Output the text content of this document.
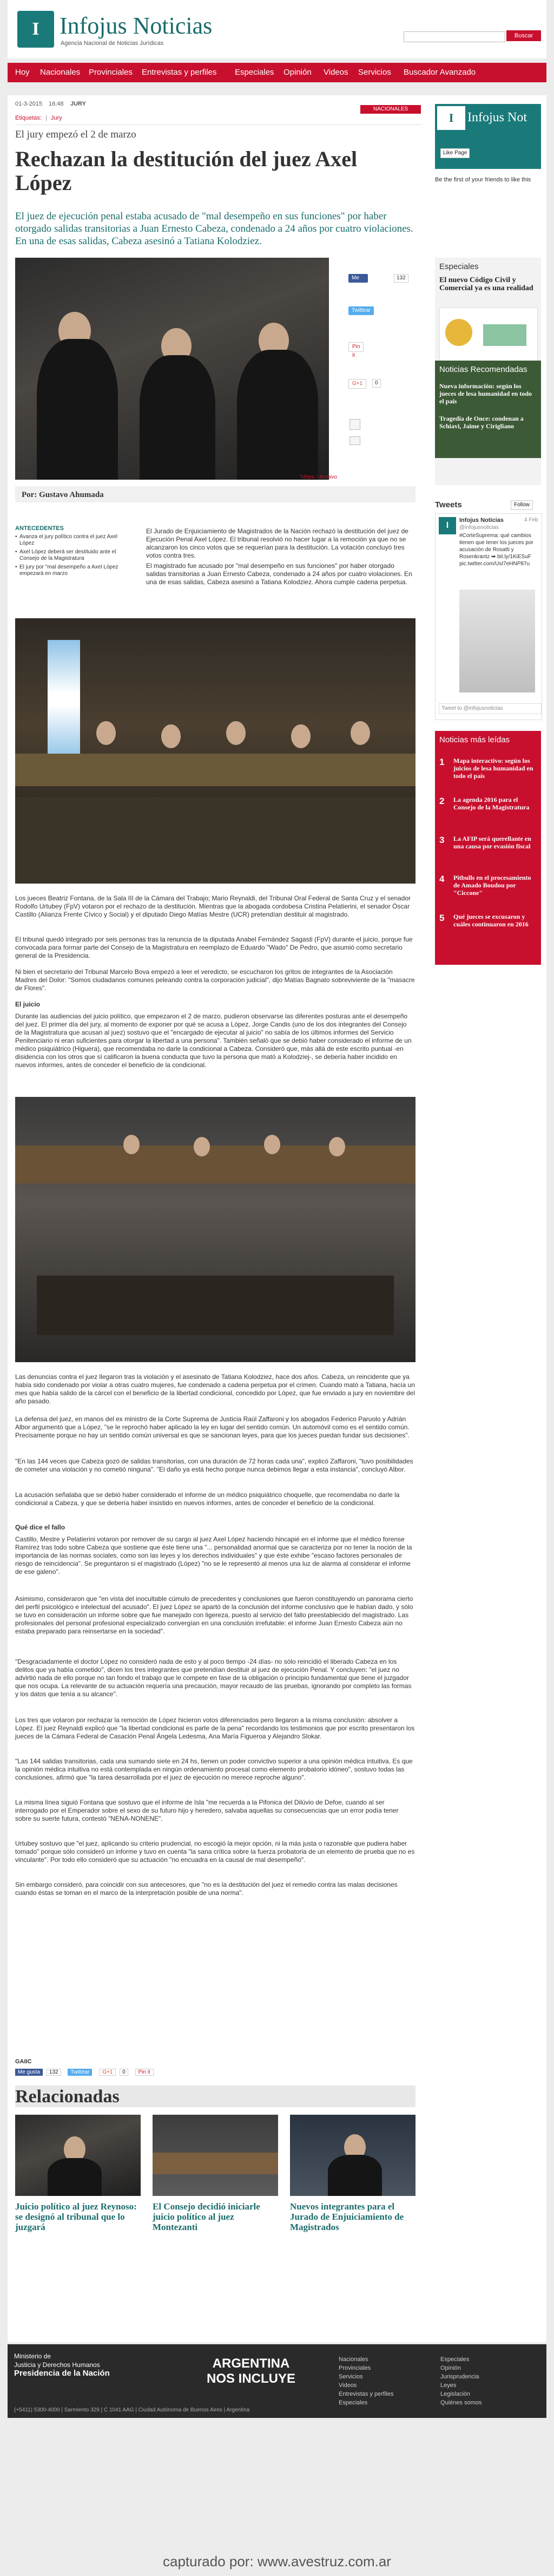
I Infojus Noticias
Agencia Nacional de Noticias Jurídicas
Buscar
Hoy Nacionales Provinciales Entrevistas y perfiles Especiales Opinión Videos Servicios Buscador Avanzado
01-3-2015 16:48 JURY
NACIONALES
Etiquetas: | Jury
El jury empezó el 2 de marzo
Rechazan la destitución del juez Axel López
El juez de ejecución penal estaba acusado de "mal desempeño en sus funciones" por haber otorgado salidas transitorias a Juan Ernesto Cabeza, condenado a 24 años por cuatro violaciones. En una de esas salidas, Cabeza asesinó a Tatiana Kolodziez.
Télam / Archivo
Me gusta
132
Twittear
Pin it
G+1	0
Por: Gustavo Ahumada
ANTECEDENTES
• Avanza el jury político contra el juez Axel López
• Axel López deberá ser destituido ante el Consejo de la Magistratura
• El jury por "mal desempeño a Axel López empezará en marzo
El Jurado de Enjuiciamiento de Magistrados de la Nación rechazó la destitución del juez de Ejecución Penal Axel López. El tribunal resolvió no hacer lugar a la remoción ya que no se alcanzaron los cinco votos que se requerían para la destitución. La votación concluyó tres votos contra tres.
El magistrado fue acusado por "mal desempeño en sus funciones" por haber otorgado salidas transitorias a Juan Ernesto Cabeza, condenado a 24 años por cuatro violaciones. En una de esas salidas, Cabeza asesinó a Tatiana Kolodziez. Ahora cumple cadena perpetua.
Los jueces Beatriz Fontana, de la Sala III de la Cámara del Trabajo; Mario Reynaldi, del Tribunal Oral Federal de Santa Cruz y el senador Rodolfo Urtubey (FpV) votaron por el rechazo de la destitución. Mientras que la abogada cordobesa Cristina Pelatierini, el senador Óscar Castillo (Alianza Frente Cívico y Social) y el diputado Diego Matías Mestre (UCR) pretendían destituir al magistrado.
El tribunal quedó integrado por seis personas tras la renuncia de la diputada Anabel Fernández Sagasti (FpV) durante el juicio, porque fue convocada para formar parte del Consejo de la Magistratura en reemplazo de Eduardo "Wado" De Pedro, que asumió como secretario general de la Presidencia.
Ni bien el secretario del Tribunal Marcelo Bova empezó a leer el veredicto, se escucharon los gritos de integrantes de la Asociación Madres del Dolor: "Somos ciudadanos comunes peleando contra la corporación judicial", dijo Matías Bagnato sobreviviente de la "masacre de Flores".
El juicio
Durante las audiencias del juicio político, que empezaron el 2 de marzo, pudieron observarse las diferentes posturas ante el desempeño del juez. El primer día del jury, al momento de exponer por qué se acusa a López, Jorge Candis (uno de los dos integrantes del Consejo de la Magistratura que acusan al juez) sostuvo que el "encargado de ejecutar al juicio" no sabía de los últimos informes del Servicio Penitenciario ni eran suficientes para otorgar la libertad a una persona". También señaló que se debió haber considerado el informe de un médico psiquiátrico (Higuera), que recomendaba no darle la condicional a Cabeza. Consideró que, más allá de este escrito puntual -en disidencia con los otros que sí calificaron la buena conducta que tuvo la persona que mató a Kolodziej-, se debería haber incidido en nuevos informes, antes de conceder el beneficio de la condicional.
Las denuncias contra el juez llegaron tras la violación y el asesinato de Tatiana Kolodziez, hace dos años. Cabeza, un reincidente que ya había sido condenado por violar a otras cuatro mujeres, fue condenado a cadena perpetua por el crimen. Cuando mató a Tatiana, hacía un mes que había salido de la cárcel con el beneficio de la libertad condicional, concedido por López, que fue enviado a jury en noviembre del año pasado.
La defensa del juez, en manos del ex ministro de la Corte Suprema de Justicia Raúl Zaffaroni y los abogados Federico Paruolo y Adrián Albor argumentó que a López, "se le reprochó haber aplicado la ley en lugar del sentido común. Un automóvil como es el sentido común. Precisamente porque no hay un sentido común universal es que se sancionan leyes, para que los jueces puedan fundar sus decisiones".
"En las 144 veces que Cabeza gozó de salidas transitorias, con una duración de 72 horas cada una", explicó Zaffaroni, "tuvo posibilidades de cometer una violación y no cometió ninguna". "El daño ya está hecho porque nunca debimos llegar a esta instancia", concluyó Albor.
La acusación señalaba que se debió haber considerado el informe de un médico psiquiátrico choquelle, que recomendaba no darle la condicional a Cabeza, y que se debería haber insistido en nuevos informes, antes de conceder el beneficio de la condicional.
Qué dice el fallo
Castillo, Mestre y Pelatierini votaron por remover de su cargo al juez Axel López haciendo hincapié en el informe que el médico forense Ramírez tras todo sobre Cabeza que sostiene que éste tiene una "... personalidad anormal que se caracteriza por no tener la noción de la importancia de las normas sociales, como son las leyes y los derechos individuales" y que éste exhibe "escaso factores personales de riesgo de reincidencia". Se preguntaron si el magistrado (López) "no se le representó al menos una luz de alarma al considerar el informe de ese galeno".
Asimismo, consideraron que "en vista del inocultable cúmulo de precedentes y conclusiones que fueron constituyendo un panorama cierto del perfil psicológico e intelectual del acusado". El juez López se apartó de la conclusión del informe conclusivo que le habían dado, y sólo se tuvo en consideración un informe sobre que fue manejado con ligereza, puesto al servicio del fallo preestablecido del magistrado. Las profesionales del personal profesional especializado convergían en una conclusión irrefutable: el informe Juan Ernesto Cabeza aún no estaba preparado para reinsertarse en la sociedad".
"Desgraciadamente el doctor López no consideró nada de esto y al poco tiempo -24 días- no sólo reincidió el liberado Cabeza en los delitos que ya había cometido", dicen los tres integrantes que pretendían destituir al juez de ejecución Penal. Y concluyen: "el juez no advirtió nada de ello porque no tan fondo el trabajo que le compete en fase de la obligación o principio fundamental que tiene el juzgador que nos ocupa. La relevante de su actuación requería una precaución, mayor recaudo de las pruebas, ignorando por completo las formas y los datos que tenía a su alcance".
Los tres que votaron por rechazar la remoción de López hicieron votos diferenciados pero llegaron a la misma conclusión: absolver a López. El juez Reynaldi explicó que "la libertad condicional es parte de la pena" recordando los testimonios que por escrito presentaron los jueces de la Cámara Federal de Casación Penal Ángela Ledesma, Ana María Figueroa y Alejandro Slokar.
"Las 144 salidas transitorias, cada una sumando siete en 24 hs, tienen un poder convictivo superior a una opinión médica intuitiva. Es que la opinión médica intuitiva no está contemplada en ningún ordenamiento procesal como elemento probatorio idóneo", sostuvo todas las conclusiones, afirmó que "la tarea desarrollada por el juez de ejecución no merece reproche alguno".
La misma línea siguió Fontana que sostuvo que el informe de Isla "me recuerda a la Pifonica del Dilúvio de Defoe, cuando al ser interrogado por el Emperador sobre el sexo de su futuro hijo y heredero, salvaba aquellas su consecuencias que un error podía tener sobre su suerte futura, contestó "NENA-NONENE".
Urtubey sostuvo que "el juez, aplicando su criterio prudencial, no escogió la mejor opción, ni la más justa o razonable que pudiera haber tomado" porque sólo consideró un informe y tuvo en cuenta "la sana crítica sobre la fuerza probatoria de un elemento de prueba que no es vinculante". Por todo ello consideró que su actuación "no encuadra en la causal de mal desempeño".
Sin embargo consideró, para coincidir con sus antecesores, que "no es la destitución del juez el remedio contra las malas decisiones cuando éstas se toman en el marco de la interpretación posible de una norma".
GAIIC
Me gusta 132 Twittear G+1 0 Pin it
Relacionadas
Juicio político al juez Reynoso: se designó al tribunal que lo juzgará
El Consejo decidió iniciarle juicio político al juez Montezanti
Nuevos integrantes para el Jurado de Enjuiciamiento de Magistrados
I	Infojus Not
Like Page
Be the first of your friends to like this
Especiales
El nuevo Código Civil y Comercial ya es una realidad
Noticias Recomendadas
Nueva información: según los jueces de lesa humanidad en todo el país
Tragedia de Once: condenan a Schiavi, Jaime y Cirigliano
Tweets	Follow
I
Infojus Noticias
@infojusnoticias
4 Feb
#CorteSuprema: qué cambios tienen que tener los jueces por acusación de Rosatti y Rosenkrantz ➡ bit.ly/1KiESuF pic.twitter.com/UsI7eHNP87u
Tweet to @infojusnoticias
Noticias más leídas
1 Mapa interactivo: según los juicios de lesa humanidad en todo el país
2 La agenda 2016 para el Consejo de la Magistratura
3 La AFIP será querellante en una causa por evasión fiscal
4 Pitbulls en el procesamiento de Amado Boudou por "Ciccone"
5 Qué jueces se excusaron y cuáles continuaron en 2016
Ministerio de
Justicia y Derechos Humanos
Presidencia de la Nación
ARGENTINA
NOS INCLUYE
Nacionales
Provinciales
Servicios
Videos
Entrevistas y perfiles
Especiales
Especiales
Opinión
Jurisprudencia
Leyes
Legislación
Quiénes somos
(+5411) 5300-4000 | Sarmiento 329 | C 1041 AAG | Ciudad Autónoma de Buenos Aires | Argentina
capturado por: www.avestruz.com.ar
